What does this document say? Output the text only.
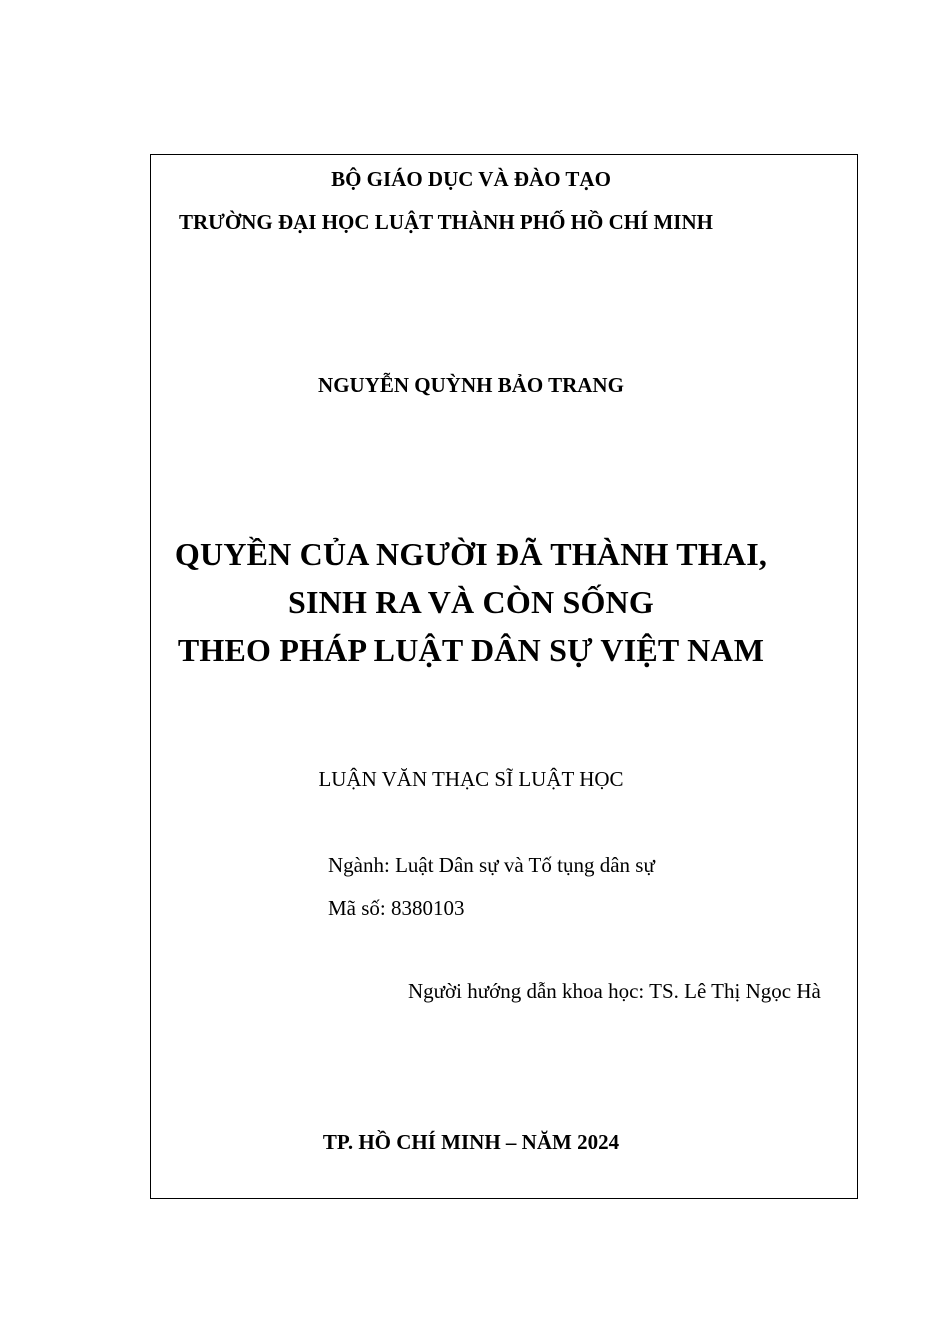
BỘ GIÁO DỤC VÀ ĐÀO TẠO
TRƯỜNG ĐẠI HỌC LUẬT THÀNH PHỐ HỒ CHÍ MINH
NGUYỄN QUỲNH BẢO TRANG
QUYỀN CỦA NGƯỜI ĐÃ THÀNH THAI,
SINH RA VÀ CÒN SỐNG
THEO PHÁP LUẬT DÂN SỰ VIỆT NAM
LUẬN VĂN THẠC SĨ LUẬT HỌC
Ngành: Luật Dân sự và Tố tụng dân sự
Mã số: 8380103
Người hướng dẫn khoa học: TS. Lê Thị Ngọc Hà
TP. HỒ CHÍ MINH – NĂM 2024
